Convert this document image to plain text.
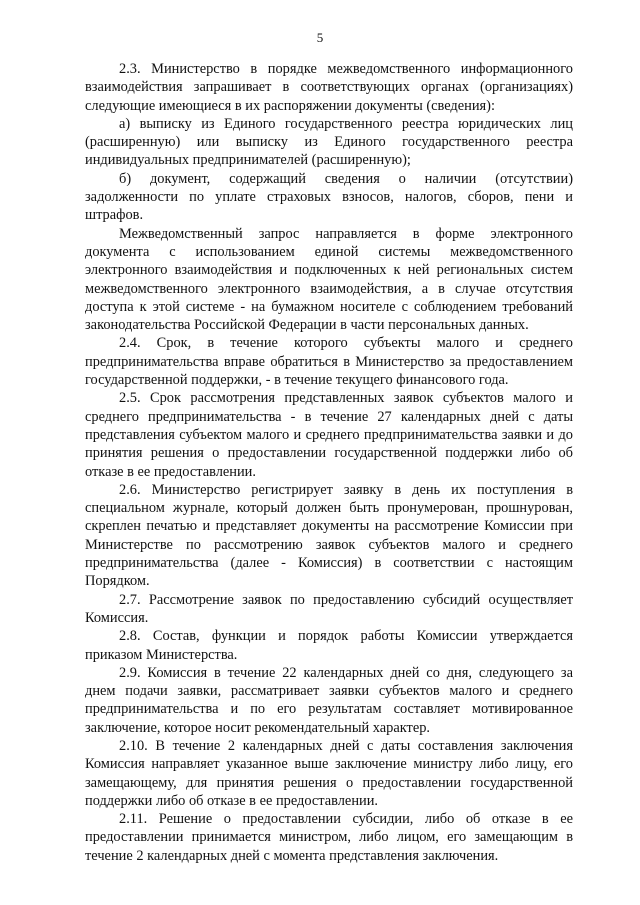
5

2.3. Министерство в порядке межведомственного информационного взаимодействия запрашивает в соответствующих органах (организациях) следующие имеющиеся в их распоряжении документы (сведения):

а) выписку из Единого государственного реестра юридических лиц (расширенную) или выписку из Единого государственного реестра индивидуальных предпринимателей (расширенную);

б) документ, содержащий сведения о наличии (отсутствии) задолженности по уплате страховых взносов, налогов, сборов, пени и штрафов.

Межведомственный запрос направляется в форме электронного документа с использованием единой системы межведомственного электронного взаимодействия и подключенных к ней региональных систем межведомственного электронного взаимодействия, а в случае отсутствия доступа к этой системе - на бумажном носителе с соблюдением требований законодательства Российской Федерации в части персональных данных.

2.4. Срок, в течение которого субъекты малого и среднего предпринимательства вправе обратиться в Министерство за предоставлением государственной поддержки, - в течение текущего финансового года.

2.5. Срок рассмотрения представленных заявок субъектов малого и среднего предпринимательства - в течение 27 календарных дней с даты представления субъектом малого и среднего предпринимательства заявки и до принятия решения о предоставлении государственной поддержки либо об отказе в ее предоставлении.

2.6. Министерство регистрирует заявку в день их поступления в специальном журнале, который должен быть пронумерован, прошнурован, скреплен печатью и представляет документы на рассмотрение Комиссии при Министерстве по рассмотрению заявок субъектов малого и среднего предпринимательства (далее - Комиссия) в соответствии с настоящим Порядком.

2.7. Рассмотрение заявок по предоставлению субсидий осуществляет Комиссия.

2.8. Состав, функции и порядок работы Комиссии утверждается приказом Министерства.

2.9. Комиссия в течение 22 календарных дней со дня, следующего за днем подачи заявки, рассматривает заявки субъектов малого и среднего предпринимательства и по его результатам составляет мотивированное заключение, которое носит рекомендательный характер.

2.10. В течение 2 календарных дней с даты составления заключения Комиссия направляет указанное выше заключение министру либо лицу, его замещающему, для принятия решения о предоставлении государственной поддержки либо об отказе в ее предоставлении.

2.11. Решение о предоставлении субсидии, либо об отказе в ее предоставлении принимается министром, либо лицом, его замещающим в течение 2 календарных дней с момента представления заключения.
